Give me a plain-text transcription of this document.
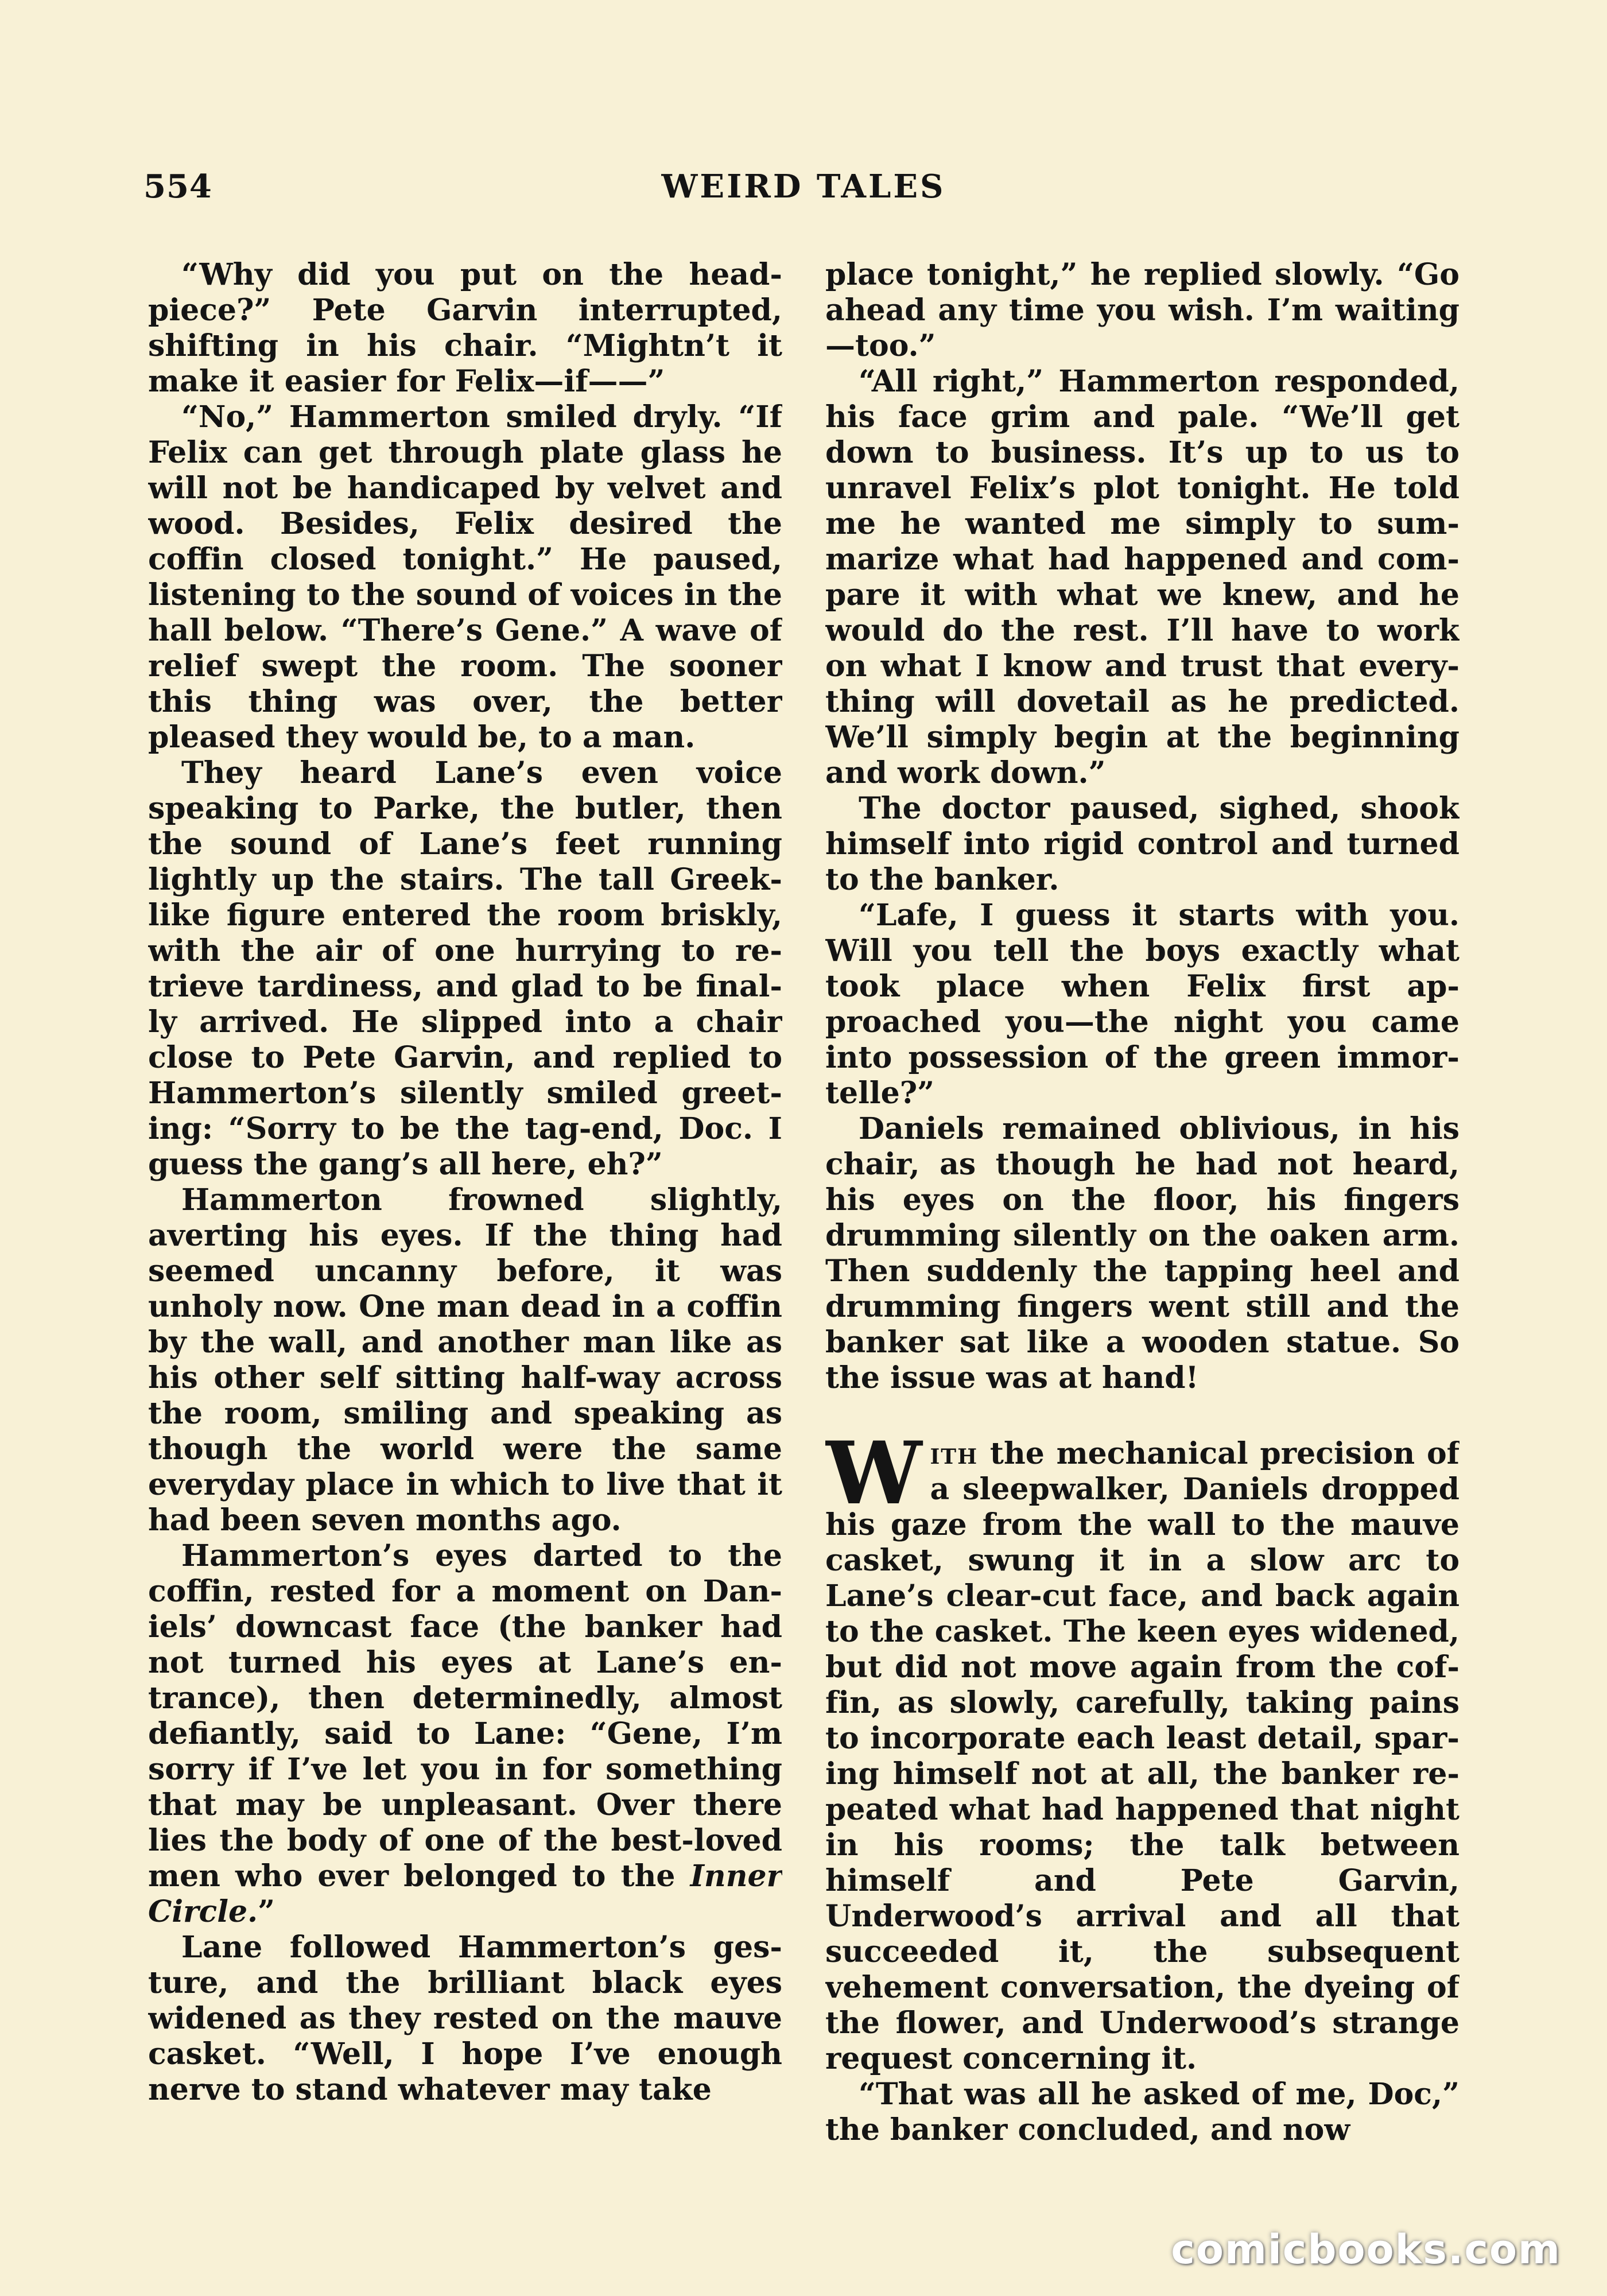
554	WEIRD TALES

“Why did you put on the headpiece?” Pete Garvin interrupted, shifting in his chair. “Mightn’t it make it easier for Felix—if——”

“No,” Hammerton smiled dryly. “If Felix can get through plate glass he will not be handicaped by velvet and wood. Besides, Felix desired the coffin closed tonight.” He paused, listening to the sound of voices in the hall below. “There’s Gene.” A wave of relief swept the room. The sooner this thing was over, the better pleased they would be, to a man.

They heard Lane’s even voice speaking to Parke, the butler, then the sound of Lane’s feet running lightly up the stairs. The tall Greeklike figure entered the room briskly, with the air of one hurrying to retrieve tardiness, and glad to be finally arrived. He slipped into a chair close to Pete Garvin, and replied to Hammerton’s silently smiled greeting: “Sorry to be the tag-end, Doc. I guess the gang’s all here, eh?”

Hammerton frowned slightly, averting his eyes. If the thing had seemed uncanny before, it was unholy now. One man dead in a coffin by the wall, and another man like as his other self sitting half-way across the room, smiling and speaking as though the world were the same everyday place in which to live that it had been seven months ago.

Hammerton’s eyes darted to the coffin, rested for a moment on Daniels’ downcast face (the banker had not turned his eyes at Lane’s entrance), then determinedly, almost defiantly, said to Lane: “Gene, I’m sorry if I’ve let you in for something that may be unpleasant. Over there lies the body of one of the best-loved men who ever belonged to the Inner Circle.”

Lane followed Hammerton’s gesture, and the brilliant black eyes widened as they rested on the mauve casket. “Well, I hope I’ve enough nerve to stand whatever may take

place tonight,” he replied slowly. “Go ahead any time you wish. I’m waiting—too.”

“All right,” Hammerton responded, his face grim and pale. “We’ll get down to business. It’s up to us to unravel Felix’s plot tonight. He told me he wanted me simply to summarize what had happened and compare it with what we knew, and he would do the rest. I’ll have to work on what I know and trust that everything will dovetail as he predicted. We’ll simply begin at the beginning and work down.”

The doctor paused, sighed, shook himself into rigid control and turned to the banker.

“Lafe, I guess it starts with you. Will you tell the boys exactly what took place when Felix first approached you—the night you came into possession of the green immortelle?”

Daniels remained oblivious, in his chair, as though he had not heard, his eyes on the floor, his fingers drumming silently on the oaken arm. Then suddenly the tapping heel and drumming fingers went still and the banker sat like a wooden statue. So the issue was at hand!

With the mechanical precision of a sleepwalker, Daniels dropped his gaze from the wall to the mauve casket, swung it in a slow arc to Lane’s clear-cut face, and back again to the casket. The keen eyes widened, but did not move again from the coffin, as slowly, carefully, taking pains to incorporate each least detail, sparing himself not at all, the banker repeated what had happened that night in his rooms; the talk between himself and Pete Garvin, Underwood’s arrival and all that succeeded it, the subsequent vehement conversation, the dyeing of the flower, and Underwood’s strange request concerning it.

“That was all he asked of me, Doc,” the banker concluded, and now

comicbooks.com
